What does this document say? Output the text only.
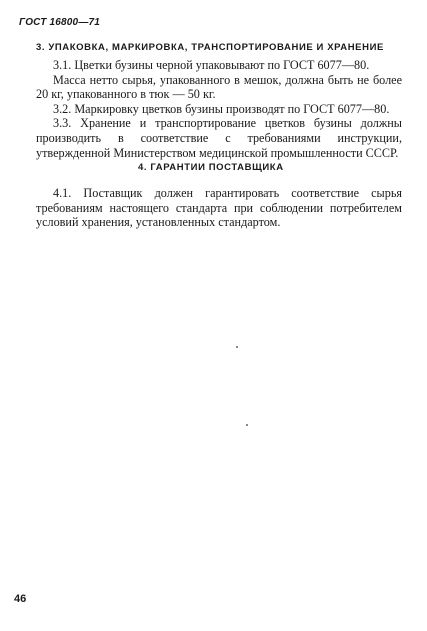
ГОСТ 16800—71
3. УПАКОВКА, МАРКИРОВКА, ТРАНСПОРТИРОВАНИЕ И ХРАНЕНИЕ

3.1. Цветки бузины черной упаковывают по ГОСТ 6077—80.

Масса нетто сырья, упакованного в мешок, должна быть не более 20 кг, упакованного в тюк — 50 кг.

3.2. Маркировку цветков бузины производят по ГОСТ 6077—80.

3.3. Хранение и транспортирование цветков бузины должны производить в соответствие с требованиями инструкции, утвержденной Министерством медицинской промышленности СССР.

4. ГАРАНТИИ ПОСТАВЩИКА

4.1. Поставщик должен гарантировать соответствие сырья требованиям настоящего стандарта при соблюдении потребителем условий хранения, установленных стандартом.

46
